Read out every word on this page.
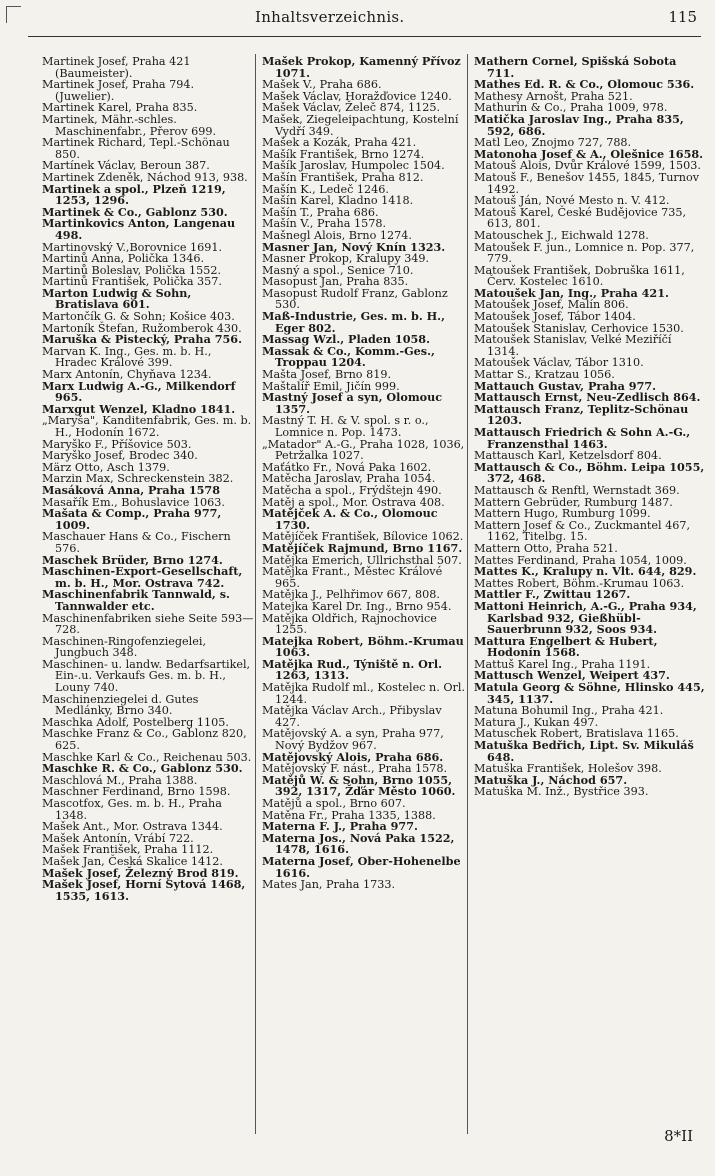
Inhaltsverzeichnis.	115

Martinek Josef, Praha 421 (Baumeister).

Martinek Josef, Praha 794. (Juwelier).

Martinek Karel, Praha 835.

Martinek, Mähr.-schles. Maschinenfabr., Přerov 699.

Martinek Richard, Tepl.-Schönau 850.

Martínek Václav, Beroun 387.

Martinek Zdeněk, Náchod 913, 938.

Martinek a spol., Plzeň 1219, 1253, 1296.

Martinek & Co., Gablonz 530.

Martinkovics Anton, Langenau 498.

Martinovský V.,Borovnice 1691.

Martinů Anna, Polička 1346.

Martinů Boleslav, Polička 1552.

Martinů František, Polička 357.

Marton Ludwig & Sohn, Bratislava 601.

Martončík G. & Sohn; Košice 403.

Martoník Štefan, Ružomberok 430.

Maruška & Pistecký, Praha 756.

Marvan K. Ing., Ges. m. b. H., Hradec Králové 399.

Marx Antonín, Chyňava 1234.

Marx Ludwig A.-G., Milkendorf 965.

Marxgut Wenzel, Kladno 1841.

„Maryša", Kanditenfabrik, Ges. m. b. H., Hodonín 1672.

Maryško F., Příšovice 503.

Maryško Josef, Brodec 340.

März Otto, Asch 1379.

Marzin Max, Schreckenstein 382.

Masáková Anna, Praha 1578

Masařík Em., Bohuslavice 1063.

Mašata & Comp., Praha 977, 1009.

Maschauer Hans & Co., Fischern 576.

Maschek Brüder, Brno 1274.

Maschinen-Export-Gesellschaft, m. b. H., Mor. Ostrava 742.

Maschinenfabrik Tannwald, s. Tannwalder etc.

Maschinenfabriken siehe Seite 593—728.

Maschinen-Ringofenziegelei, Jungbuch 348.

Maschinen- u. landw. Bedarfsartikel, Ein-.u. Verkaufs Ges. m. b. H., Louny 740.

Maschinenziegelei d. Gutes Medlánky, Brno 340.

Maschka Adolf, Postelberg 1105.

Maschke Franz & Co., Gablonz 820, 625.

Maschke Karl & Co., Reichenau 503.

Maschke R. & Co., Gablonz 530.

Maschlová M., Praha 1388.

Maschner Ferdinand, Brno 1598.

Mascotfox, Ges. m. b. H., Praha 1348.

Mašek Ant., Mor. Ostrava 1344.

Mašek Antonín, Vrábí 722.

Mašek František, Praha 1112.

Mašek Jan, Česká Skalice 1412.

Mašek Josef, Železný Brod 819.

Mašek Josef, Horní Sytová 1468, 1535, 1613.

Mašek Prokop, Kamenný Přívoz 1071.

Mašek V., Praha 686.

Mašek Václav, Horažďovice 1240.

Mašek Václav, Želeč 874, 1125.

Mašek, Ziegeleipachtung, Kostelní Vydří 349.

Mašek a Kozák, Praha 421.

Mašík František, Brno 1274.

Mašík Jaroslav, Humpolec 1504.

Mašín František, Praha 812.

Mašín K., Ledeč 1246.

Mašín Karel, Kladno 1418.

Mašín T., Praha 686.

Mašín V., Praha 1578.

Mašnegl Alois, Brno 1274.

Masner Jan, Nový Knín 1323.

Masner Prokop, Kralupy 349.

Masný a spol., Senice 710.

Masopust Jan, Praha 835.

Masopust Rudolf Franz, Gablonz 530.

Maß-Industrie, Ges. m. b. H., Eger 802.

Massag Wzl., Pladen 1058.

Massak & Co., Komm.-Ges., Troppau 1204.

Mašta Josef, Brno 819.

Maštalíř Emil, Jičín 999.

Mastný Josef a syn, Olomouc 1357.

Mastný T. H. & V. spol. s r. o., Lomnice n. Pop. 1473.

„Matador" A.-G., Praha 1028, 1036, Petržalka 1027.

Maťátko Fr., Nová Paka 1602.

Matěcha Jaroslav, Praha 1054.

Matěcha a spol., Frýdštejn 490.

Matěj a spol., Mor. Ostrava 408.

Matějček A. & Co., Olomouc 1730.

Matějíček František, Bílovice 1062.

Matějíček Rajmund, Brno 1167.

Matějka Emerich, Ullrichsthal 507.

Matějka Frant., Městec Králové 965.

Matějka J., Pelhřimov 667, 808.

Matejka Karel Dr. Ing., Brno 954.

Matějka Oldřich, Rajnochovice 1255.

Matejka Robert, Böhm.-Krumau 1063.

Matějka Rud., Týniště n. Orl. 1263, 1313.

Matějka Rudolf ml., Kostelec n. Orl. 1244.

Matějka Václav Arch., Přibyslav 427.

Matějovský A. a syn, Praha 977, Nový Bydžov 967.

Matějovský Alois, Praha 686.

Matějovský F. nást., Praha 1578.

Matějů W. & Sohn, Brno 1055, 392, 1317, Žďár Město 1060.

Matějů a spol., Brno 607.

Matěna Fr., Praha 1335, 1388.

Materna F. J., Praha 977.

Materna Jos., Nová Paka 1522, 1478, 1616.

Materna Josef, Ober-Hohenelbe 1616.

Mates Jan, Praha 1733.

Mathern Cornel, Spišská Sobota 711.

Mathes Ed. R. & Co., Olomouc 536.

Mathesy Arnošt, Praha 521.

Mathurin & Co., Praha 1009, 978.

Matička Jaroslav Ing., Praha 835, 592, 686.

Matl Leo, Znojmo 727, 788.

Matonoha Josef & A., Olešnice 1658.

Matouš Alois, Dvůr Králové 1599, 1503.

Matouš F., Benešov 1455, 1845, Turnov 1492.

Matouš Ján, Nové Mesto n. V. 412.

Matouš Karel, České Budějovice 735, 613, 801.

Matouschek J., Eichwald 1278.

Matoušek F. jun., Lomnice n. Pop. 377, 779.

Matoušek František, Dobruška 1611, Červ. Kostelec 1610.

Matoušek Jan, Ing., Praha 421.

Matoušek Josef, Malín 806.

Matoušek Josef, Tábor 1404.

Matoušek Stanislav, Cerhovice 1530.

Matoušek Stanislav, Velké Meziříčí 1314.

Matoušek Václav, Tábor 1310.

Mattar S., Kratzau 1056.

Mattauch Gustav, Praha 977.

Mattausch Ernst, Neu-Zedlisch 864.

Mattausch Franz, Teplitz-Schönau 1203.

Mattausch Friedrich & Sohn A.-G., Franzensthal 1463.

Mattausch Karl, Ketzelsdorf 804.

Mattausch & Co., Böhm. Leipa 1055, 372, 468.

Mattausch & Renftl, Wernstadt 369.

Mattern Gebrüder, Rumburg 1487.

Mattern Hugo, Rumburg 1099.

Mattern Josef & Co., Zuckmantel 467, 1162, Titelbg. 15.

Mattern Otto, Praha 521.

Mattes Ferdinand, Praha 1054, 1009.

Mattes K., Kralupy n. Vlt. 644, 829.

Mattes Robert, Böhm.-Krumau 1063.

Mattler F., Zwittau 1267.

Mattoni Heinrich, A.-G., Praha 934, Karlsbad 932, Gießhübl-Sauerbrunn 932, Soos 934.

Mattura Engelbert & Hubert, Hodonín 1568.

Mattuš Karel Ing., Praha 1191.

Mattusch Wenzel, Weipert 437.

Matula Georg & Söhne, Hlinsko 445, 345, 1137.

Matuna Bohumil Ing., Praha 421.

Matura J., Kukan 497.

Matuschek Robert, Bratislava 1165.

Matuška Bedřich, Lipt. Sv. Mikuláš 648.

Matuška František, Holešov 398.

Matuška J., Náchod 657.

Matuška M. Inž., Bystřice 393.

8*II
